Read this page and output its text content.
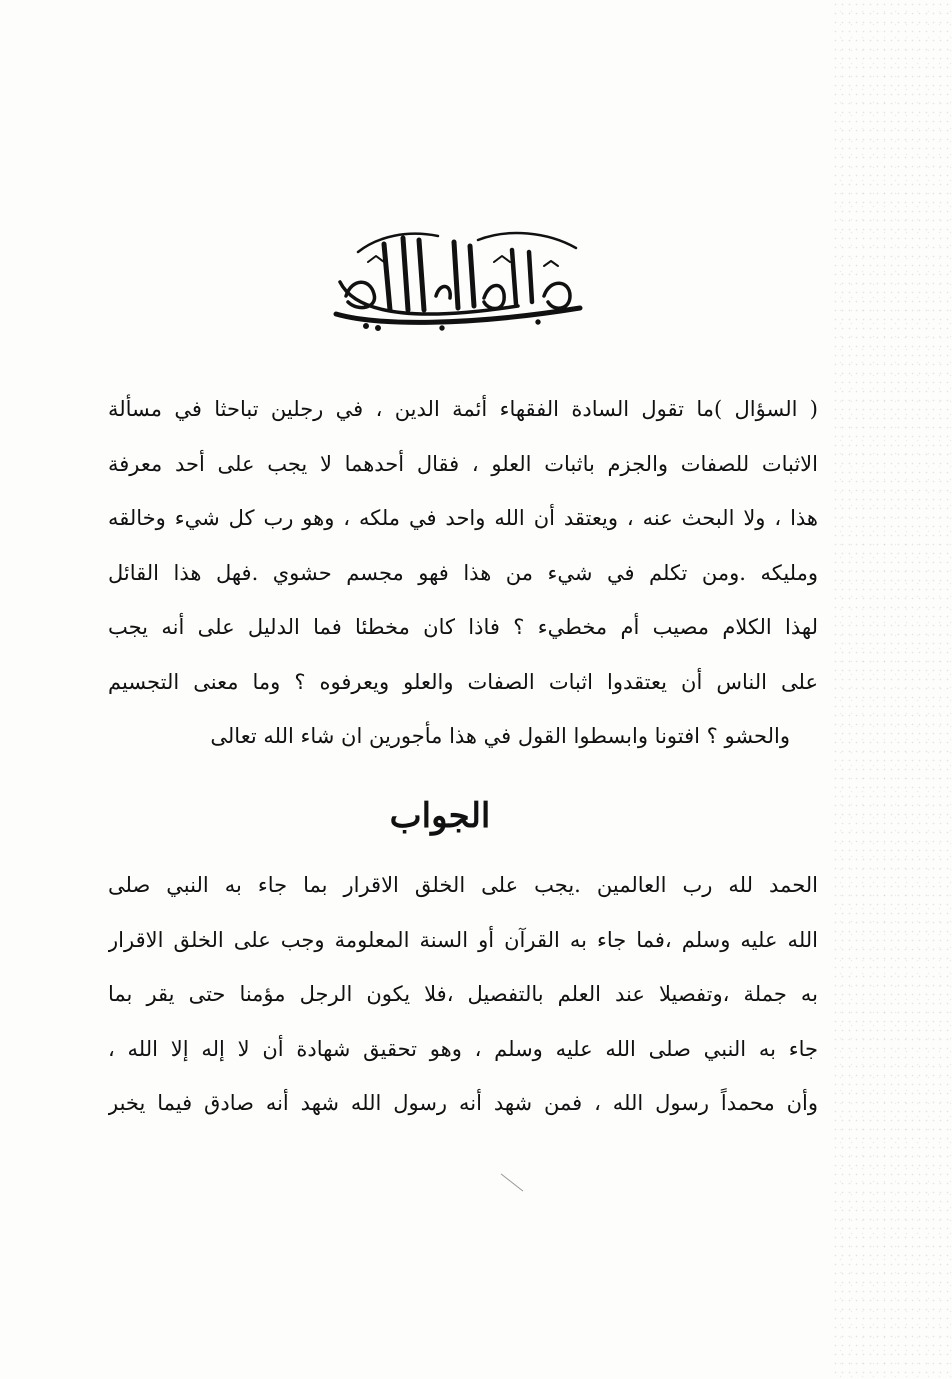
( السؤال )ما تقول السادة الفقهاء أئمة الدين ، في رجلين تباحثا في مسألة
الاثبات للصفات والجزم باثبات العلو ، فقال أحدهما لا يجب على أحد معرفة
هذا ، ولا البحث عنه ، ويعتقد أن الله واحد في ملكه ، وهو رب كل شيء وخالقه
ومليكه .ومن تكلم في شيء من هذا فهو مجسم حشوي .فهل هذا القائل
لهذا الكلام مصيب أم مخطيء ؟ فاذا كان مخطئا فما الدليل على أنه يجب
على الناس أن يعتقدوا اثبات الصفات والعلو ويعرفوه ؟ وما معنى التجسيم
والحشو ؟ افتونا وابسطوا القول في هذا مأجورين ان شاء الله تعالى
الجواب
الحمد لله رب العالمين .يجب على الخلق الاقرار بما جاء به النبي صلى
الله عليه وسلم ،فما جاء به القرآن أو السنة المعلومة وجب على الخلق الاقرار
به جملة ،وتفصيلا عند العلم بالتفصيل ،فلا يكون الرجل مؤمنا حتى يقر بما
جاء به النبي صلى الله عليه وسلم ، وهو تحقيق شهادة أن لا إله إلا الله ،
وأن محمداً رسول الله ، فمن شهد أنه رسول الله شهد أنه صادق فيما يخبر
